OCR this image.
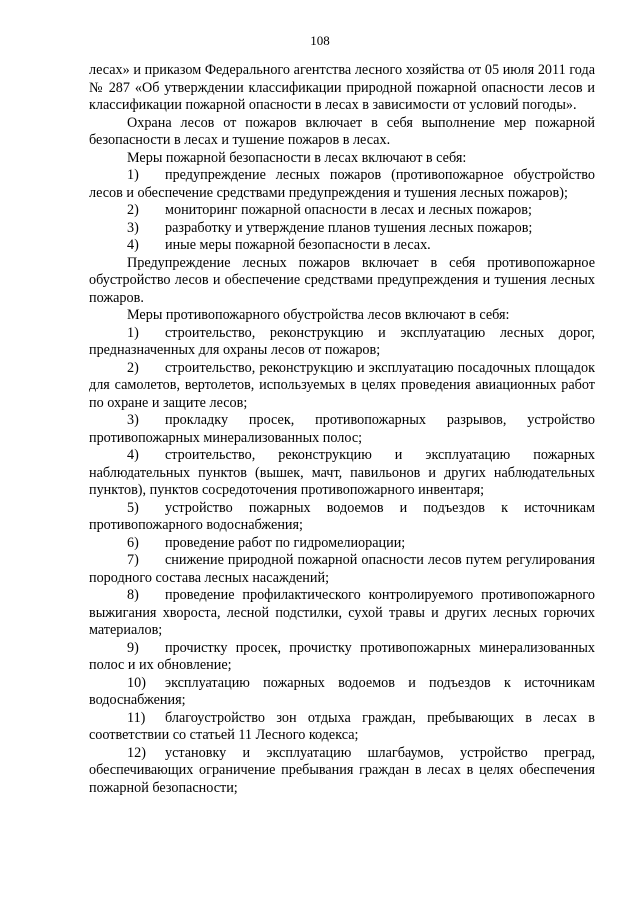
108

лесах» и приказом Федерального агентства лесного хозяйства от 05 июля 2011 года № 287 «Об утверждении классификации природной пожарной опасности лесов и классификации пожарной опасности в лесах в зависимости от условий погоды».

Охрана лесов от пожаров включает в себя выполнение мер пожарной безопасности в лесах и тушение пожаров в лесах.

Меры пожарной безопасности в лесах включают в себя:

1) предупреждение лесных пожаров (противопожарное обустройство лесов и обеспечение средствами предупреждения и тушения лесных пожаров);
2) мониторинг пожарной опасности в лесах и лесных пожаров;
3) разработку и утверждение планов тушения лесных пожаров;
4) иные меры пожарной безопасности в лесах.

Предупреждение лесных пожаров включает в себя противопожарное обустройство лесов и обеспечение средствами предупреждения и тушения лесных пожаров.

Меры противопожарного обустройства лесов включают в себя:

1) строительство, реконструкцию и эксплуатацию лесных дорог, предназначенных для охраны лесов от пожаров;
2) строительство, реконструкцию и эксплуатацию посадочных площадок для самолетов, вертолетов, используемых в целях проведения авиационных работ по охране и защите лесов;
3) прокладку просек, противопожарных разрывов, устройство противопожарных минерализованных полос;
4) строительство, реконструкцию и эксплуатацию пожарных наблюдательных пунктов (вышек, мачт, павильонов и других наблюдательных пунктов), пунктов сосредоточения противопожарного инвентаря;
5) устройство пожарных водоемов и подъездов к источникам противопожарного водоснабжения;
6) проведение работ по гидромелиорации;
7) снижение природной пожарной опасности лесов путем регулирования породного состава лесных насаждений;
8) проведение профилактического контролируемого противопожарного выжигания хвороста, лесной подстилки, сухой травы и других лесных горючих материалов;
9) прочистку просек, прочистку противопожарных минерализованных полос и их обновление;
10) эксплуатацию пожарных водоемов и подъездов к источникам водоснабжения;
11) благоустройство зон отдыха граждан, пребывающих в лесах в соответствии со статьей 11 Лесного кодекса;
12) установку и эксплуатацию шлагбаумов, устройство преград, обеспечивающих ограничение пребывания граждан в лесах в целях обеспечения пожарной безопасности;
